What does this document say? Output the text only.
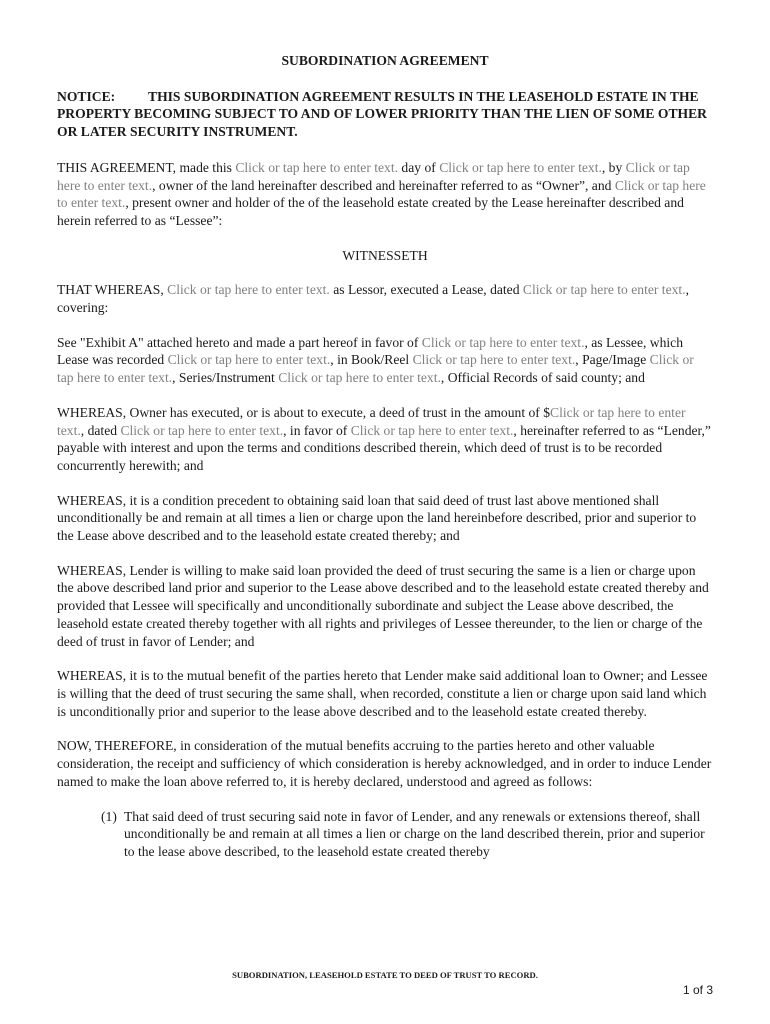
SUBORDINATION AGREEMENT
NOTICE: THIS SUBORDINATION AGREEMENT RESULTS IN THE LEASEHOLD ESTATE IN THE PROPERTY BECOMING SUBJECT TO AND OF LOWER PRIORITY THAN THE LIEN OF SOME OTHER OR LATER SECURITY INSTRUMENT.

THIS AGREEMENT, made this Click or tap here to enter text. day of Click or tap here to enter text., by Click or tap here to enter text., owner of the land hereinafter described and hereinafter referred to as “Owner”, and Click or tap here to enter text., present owner and holder of the of the leasehold estate created by the Lease hereinafter described and herein referred to as “Lessee”:

WITNESSETH

THAT WHEREAS, Click or tap here to enter text. as Lessor, executed a Lease, dated Click or tap here to enter text., covering:

See "Exhibit A" attached hereto and made a part hereof in favor of Click or tap here to enter text., as Lessee, which Lease was recorded Click or tap here to enter text., in Book/Reel Click or tap here to enter text., Page/Image Click or tap here to enter text., Series/Instrument Click or tap here to enter text., Official Records of said county; and

WHEREAS, Owner has executed, or is about to execute, a deed of trust in the amount of $Click or tap here to enter text., dated Click or tap here to enter text., in favor of Click or tap here to enter text., hereinafter referred to as “Lender,” payable with interest and upon the terms and conditions described therein, which deed of trust is to be recorded concurrently herewith; and

WHEREAS, it is a condition precedent to obtaining said loan that said deed of trust last above mentioned shall unconditionally be and remain at all times a lien or charge upon the land hereinbefore described, prior and superior to the Lease above described and to the leasehold estate created thereby; and

WHEREAS, Lender is willing to make said loan provided the deed of trust securing the same is a lien or charge upon the above described land prior and superior to the Lease above described and to the leasehold estate created thereby and provided that Lessee will specifically and unconditionally subordinate and subject the Lease above described, the leasehold estate created thereby together with all rights and privileges of Lessee thereunder, to the lien or charge of the deed of trust in favor of Lender; and

WHEREAS, it is to the mutual benefit of the parties hereto that Lender make said additional loan to Owner; and Lessee is willing that the deed of trust securing the same shall, when recorded, constitute a lien or charge upon said land which is unconditionally prior and superior to the lease above described and to the leasehold estate created thereby.

NOW, THEREFORE, in consideration of the mutual benefits accruing to the parties hereto and other valuable consideration, the receipt and sufficiency of which consideration is hereby acknowledged, and in order to induce Lender named to make the loan above referred to, it is hereby declared, understood and agreed as follows:

(1) That said deed of trust securing said note in favor of Lender, and any renewals or extensions thereof, shall unconditionally be and remain at all times a lien or charge on the land described therein, prior and superior to the lease above described, to the leasehold estate created thereby
SUBORDINATION, LEASEHOLD ESTATE TO DEED OF TRUST TO RECORD.
1 of 3
